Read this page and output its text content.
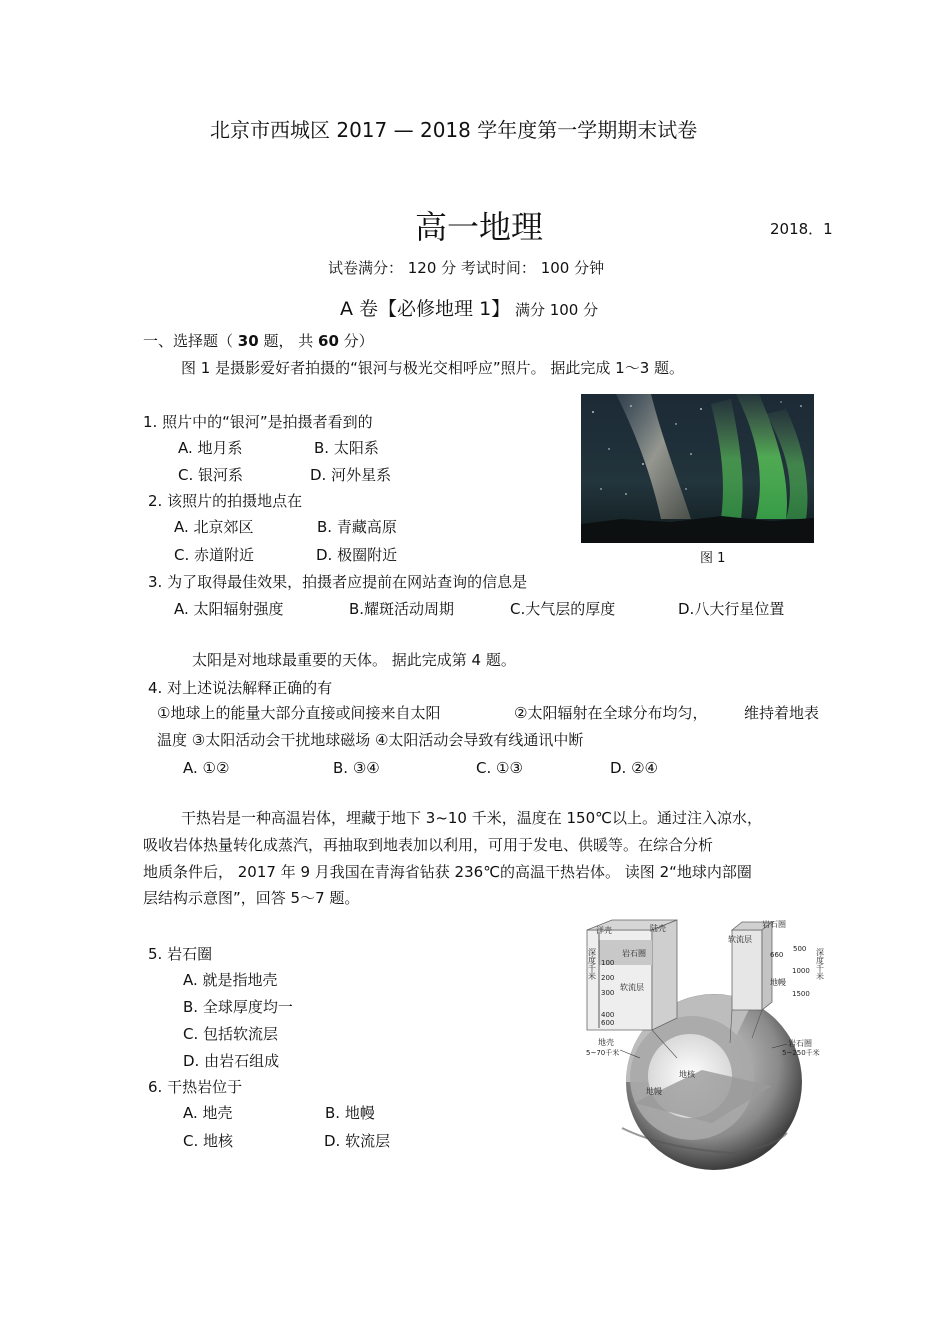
北京市西城区 2017 — 2018 学年度第一学期期末试卷
高一地理	2018．1
试卷满分： 120 分 考试时间： 100 分钟
A 卷【必修地理 1】 满分 100 分
一、选择题（ 30 题， 共 60 分）
图 1 是摄影爱好者拍摄的“银河与极光交相呼应”照片。 据此完成 1～3 题。
图 1
1. 照片中的“银河”是拍摄者看到的
A. 地月系	B. 太阳系
C. 银河系	D. 河外星系
2. 该照片的拍摄地点在
A. 北京郊区	B. 青藏高原
C. 赤道附近	D. 极圈附近
3. 为了取得最佳效果，拍摄者应提前在网站查询的信息是
A. 太阳辐射强度	B.耀斑活动周期	C.大气层的厚度	D.八大行星位置
太阳是对地球最重要的天体。 据此完成第 4 题。
4. 对上述说法解释正确的有
①地球上的能量大部分直接或间接来自太阳	②太阳辐射在全球分布均匀， 维持着地表
温度 ③太阳活动会干扰地球磁场 ④太阳活动会导致有线通讯中断
A. ①②	B. ③④	C. ①③	D. ②④
干热岩是一种高温岩体，埋藏于地下 3~10 千米，温度在 150℃以上。通过注入凉水，
吸收岩体热量转化成蒸汽，再抽取到地表加以利用，可用于发电、供暖等。在综合分析
地质条件后， 2017 年 9 月我国在青海省钻获 236℃的高温干热岩体。 读图 2“地球内部圈
层结构示意图”，回答 5～7 题。
5. 岩石圈
A. 就是指地壳
B. 全球厚度均一
C. 包括软流层
D. 由岩石组成
6. 干热岩位于
A. 地壳	B. 地幔
C. 地核	D. 软流层
洋壳	陆壳
岩石圈
软流层
100
200
300
400
600
深度千米
岩石圈
软流层
500
660
1000
1500
地幔
深度千米
地幔
地核
地壳
5~70千米
岩石圈
5~250千米
